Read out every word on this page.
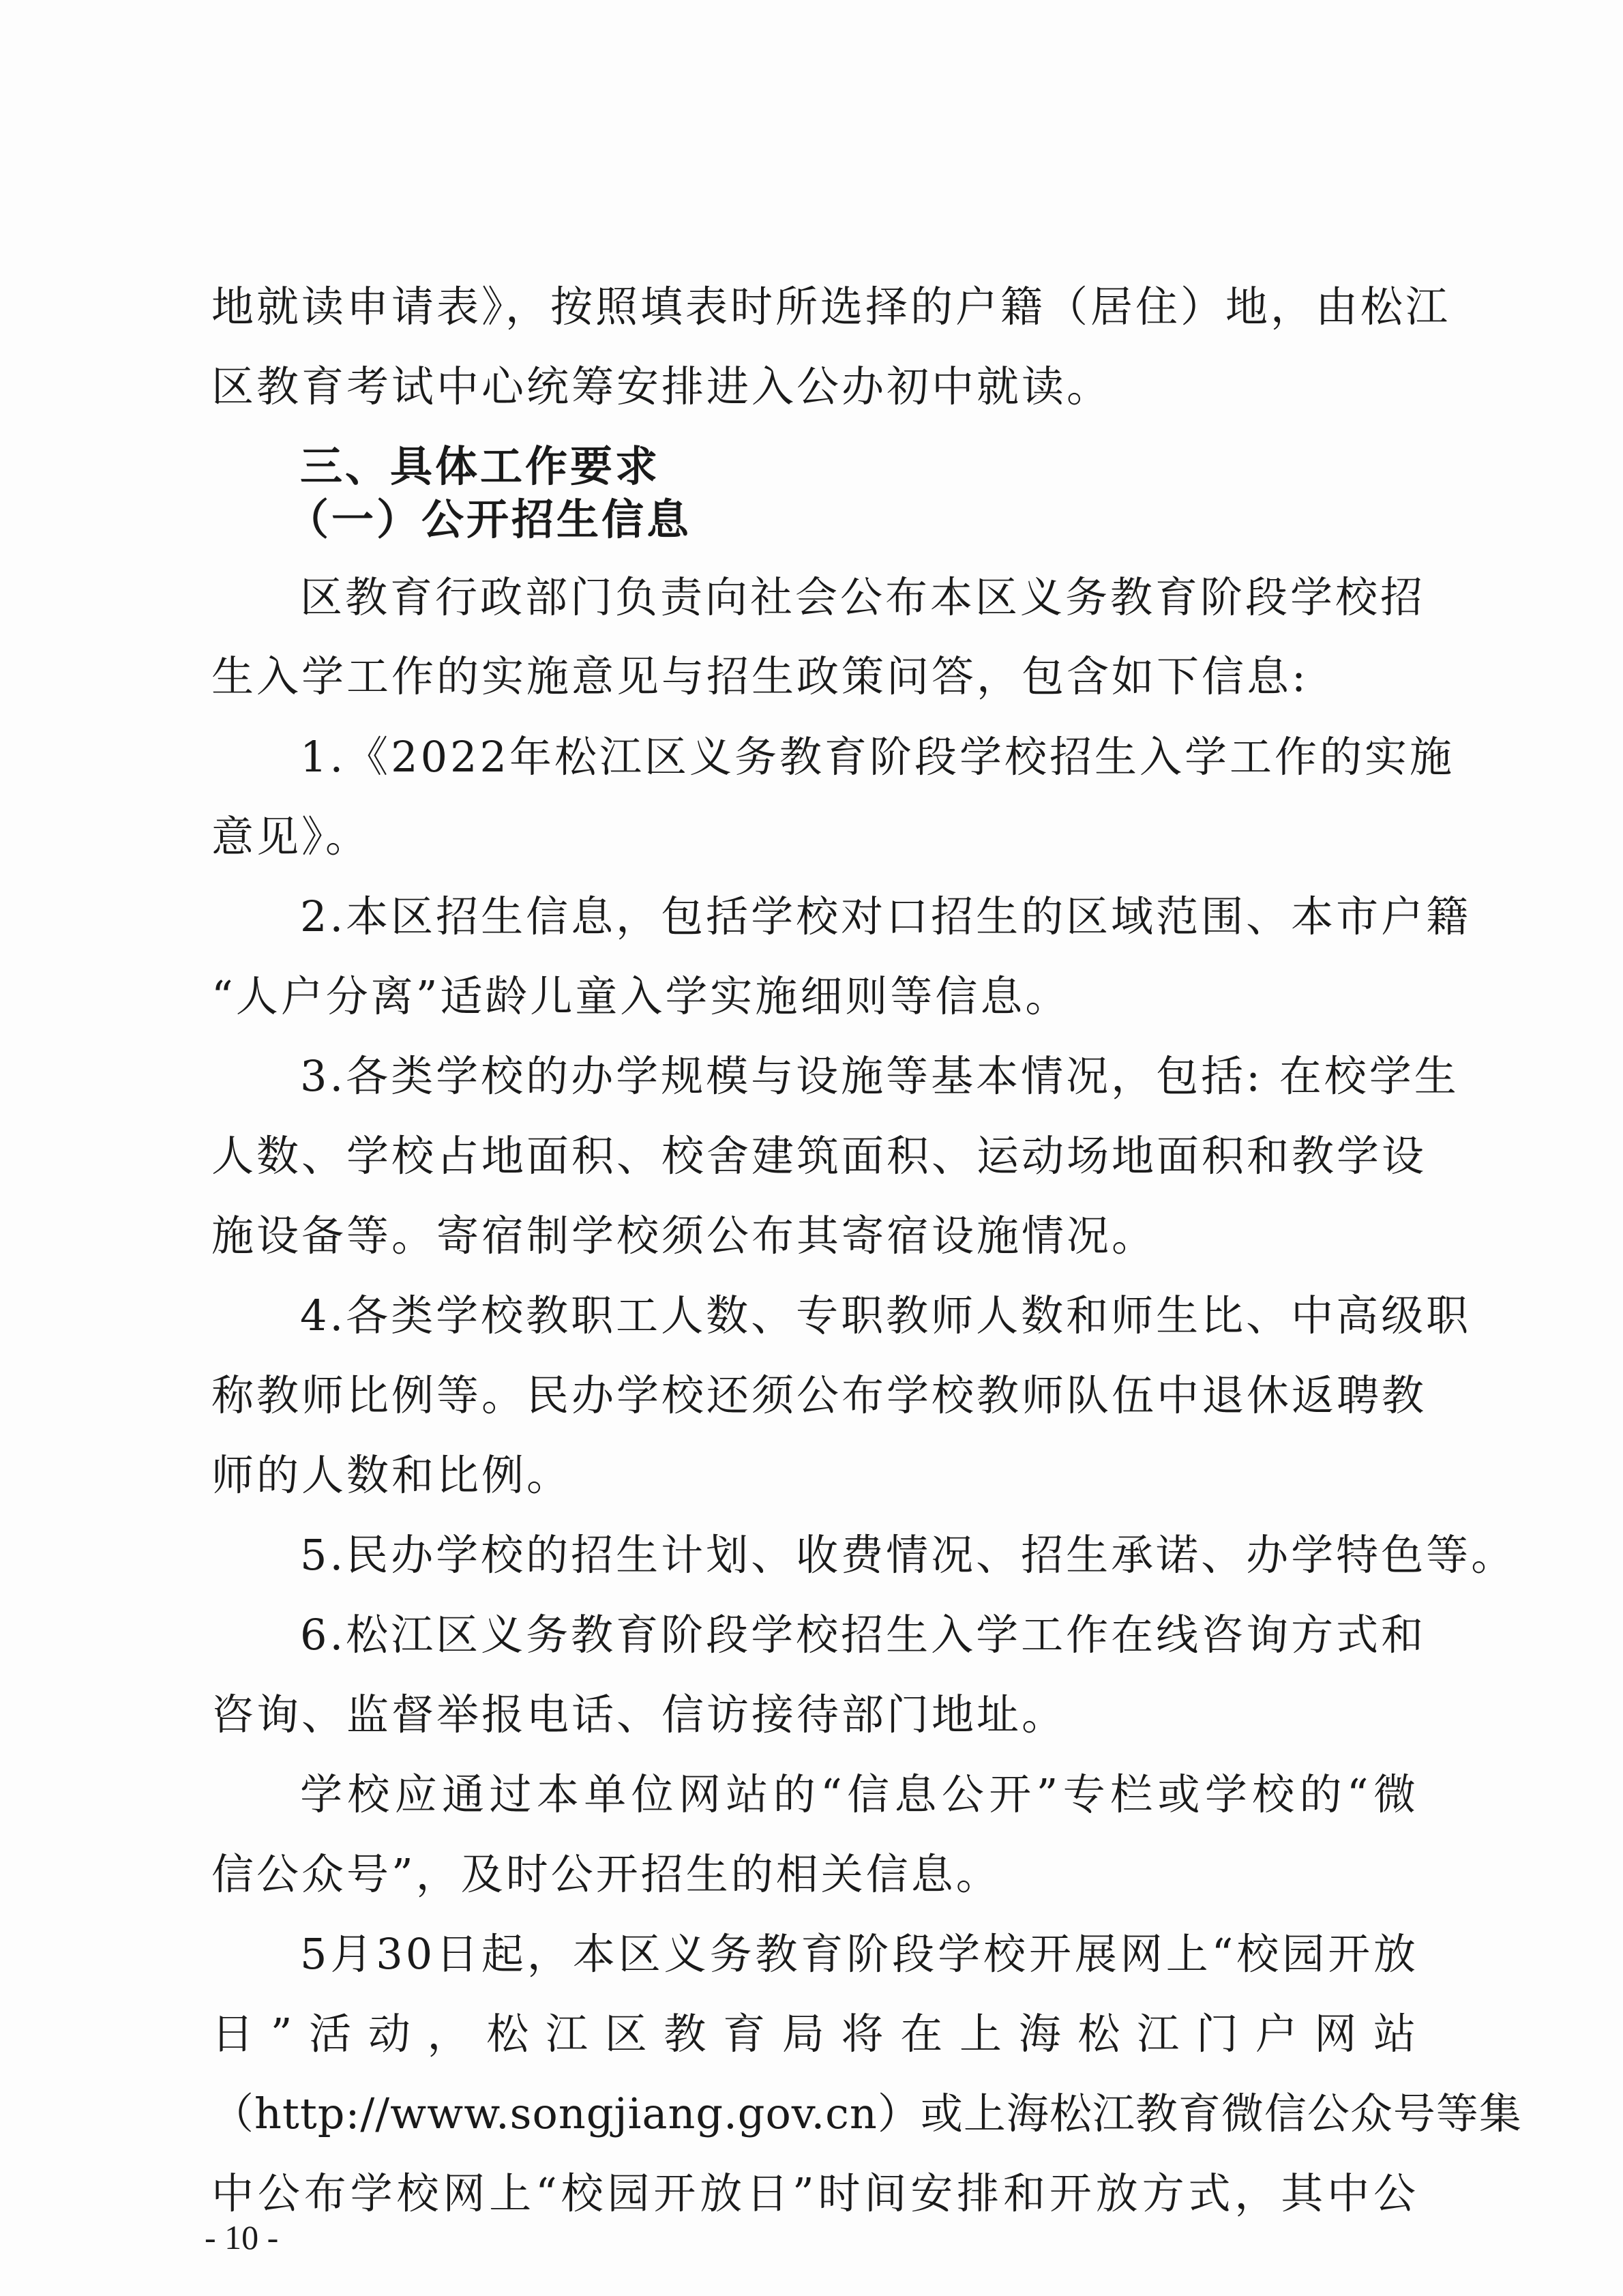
地就读申请表》，按照填表时所选择的户籍（居住）地，由松江
区教育考试中心统筹安排进入公办初中就读。
三、具体工作要求
（一）公开招生信息
区教育行政部门负责向社会公布本区义务教育阶段学校招
生入学工作的实施意见与招生政策问答，包含如下信息:
1.《2022年松江区义务教育阶段学校招生入学工作的实施
意见》。
2.本区招生信息，包括学校对口招生的区域范围、本市户籍
“人户分离”适龄儿童入学实施细则等信息。
3.各类学校的办学规模与设施等基本情况，包括: 在校学生
人数、学校占地面积、校舍建筑面积、运动场地面积和教学设
施设备等。寄宿制学校须公布其寄宿设施情况。
4.各类学校教职工人数、专职教师人数和师生比、中高级职
称教师比例等。民办学校还须公布学校教师队伍中退休返聘教
师的人数和比例。
5.民办学校的招生计划、收费情况、招生承诺、办学特色等。
6.松江区义务教育阶段学校招生入学工作在线咨询方式和
咨询、监督举报电话、信访接待部门地址。
学校应通过本单位网站的“信息公开”专栏或学校的“微
信公众号”，及时公开招生的相关信息。
5月30日起，本区义务教育阶段学校开展网上“校园开放
日”活动，松江区教育局将在上海松江门户网站
（http://www.songjiang.gov.cn）或上海松江教育微信公众号等集
中公布学校网上“校园开放日”时间安排和开放方式，其中公
- 10 -
